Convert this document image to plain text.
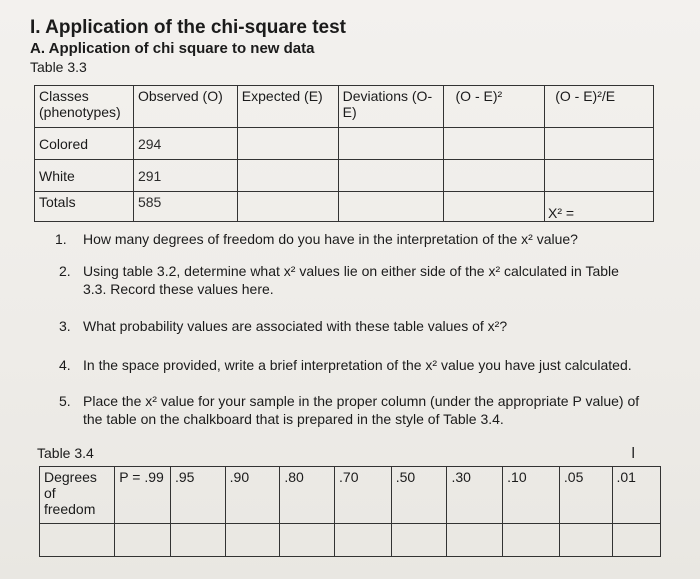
I. Application of the chi-square test
A. Application of chi square to new data
Table 3.3
Classes (phenotypes)	Observed (O)	Expected (E)	Deviations (O-E)	(O - E)²	(O - E)²/E
Colored	294				
White	291				
Totals	585				
X² =
1. How many degrees of freedom do you have in the interpretation of the x² value?
2. Using table 3.2, determine what x² values lie on either side of the x² calculated in Table 3.3. Record these values here.
3. What probability values are associated with these table values of x²?
4. In the space provided, write a brief interpretation of the x² value you have just calculated.
5. Place the x² value for your sample in the proper column (under the appropriate P value) of the table on the chalkboard that is prepared in the style of Table 3.4.
Table 3.4	I
Degrees of freedom	P = .99	.95	.90	.80	.70	.50	.30	.10	.05	.01
